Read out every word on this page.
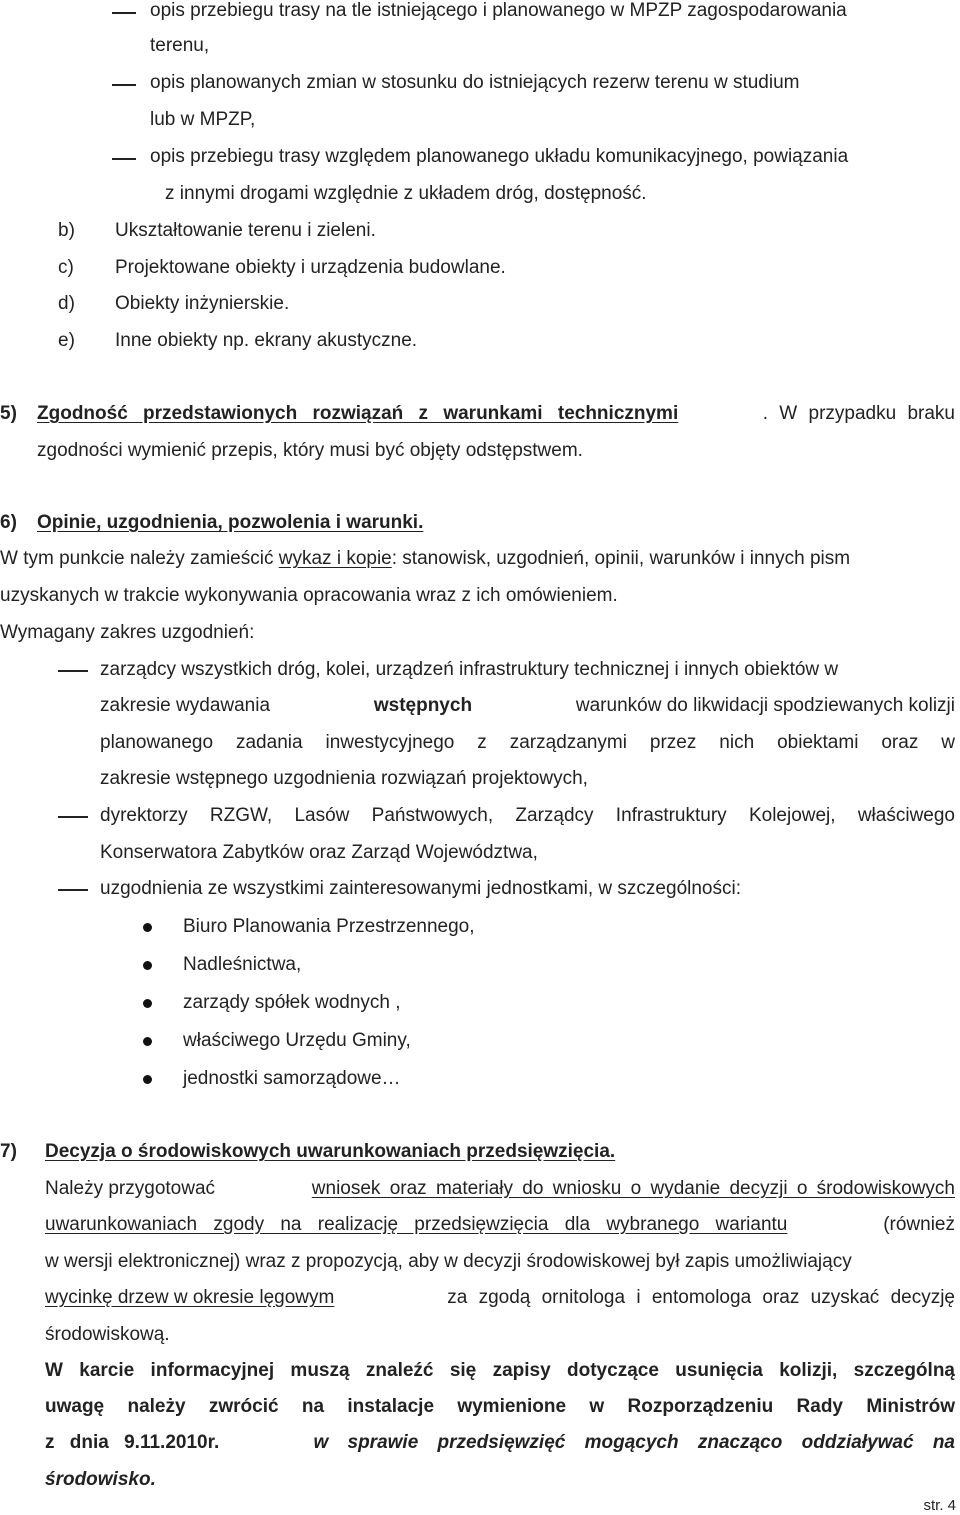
opis przebiegu trasy na tle istniejącego i planowanego w MPZP zagospodarowania
terenu,
opis planowanych zmian w stosunku do istniejących rezerw terenu w studium
lub w MPZP,
opis przebiegu trasy względem planowanego układu komunikacyjnego, powiązania
z innymi drogami względnie z układem dróg, dostępność.
b) Ukształtowanie terenu i zieleni.
c) Projektowane obiekty i urządzenia budowlane.
d) Obiekty inżynierskie.
e) Inne obiekty np. ekrany akustyczne.
5) Zgodność przedstawionych rozwiązań z warunkami technicznymi	. W przypadku braku
zgodności wymienić przepis, który musi być objęty odstępstwem.
6) Opinie, uzgodnienia, pozwolenia i warunki.
W tym punkcie należy zamieścić wykaz i kopie: stanowisk, uzgodnień, opinii, warunków i innych pism
uzyskanych w trakcie wykonywania opracowania wraz z ich omówieniem.
Wymagany zakres uzgodnień:
zarządcy wszystkich dróg, kolei, urządzeń infrastruktury technicznej i innych obiektów w
zakresie wydawania	wstępnych	warunków do likwidacji spodziewanych kolizji
planowanego zadania inwestycyjnego z zarządzanymi przez nich obiektami oraz w
zakresie wstępnego uzgodnienia rozwiązań projektowych,
dyrektorzy RZGW, Lasów Państwowych, Zarządcy Infrastruktury Kolejowej, właściwego
Konserwatora Zabytków oraz Zarząd Województwa,
uzgodnienia ze wszystkimi zainteresowanymi jednostkami, w szczególności:
Biuro Planowania Przestrzennego,
Nadleśnictwa,
zarządy spółek wodnych ,
właściwego Urzędu Gminy,
jednostki samorządowe…
7) Decyzja o środowiskowych uwarunkowaniach przedsięwzięcia.
Należy przygotować	wniosek oraz materiały do wniosku o wydanie decyzji o środowiskowych
uwarunkowaniach zgody na realizację przedsięwzięcia dla wybranego wariantu	(również
w wersji elektronicznej) wraz z propozycją, aby w decyzji środowiskowej był zapis umożliwiający
wycinkę drzew w okresie lęgowym	za zgodą ornitologa i entomologa oraz uzyskać decyzję
środowiskową.
W karcie informacyjnej muszą znaleźć się zapisy dotyczące usunięcia kolizji, szczególną
uwagę należy zwrócić na instalacje wymienione w Rozporządzeniu Rady Ministrów
z dnia 9.11.2010r.	w sprawie przedsięwzięć mogących znacząco oddziaływać na
środowisko.
str. 4
